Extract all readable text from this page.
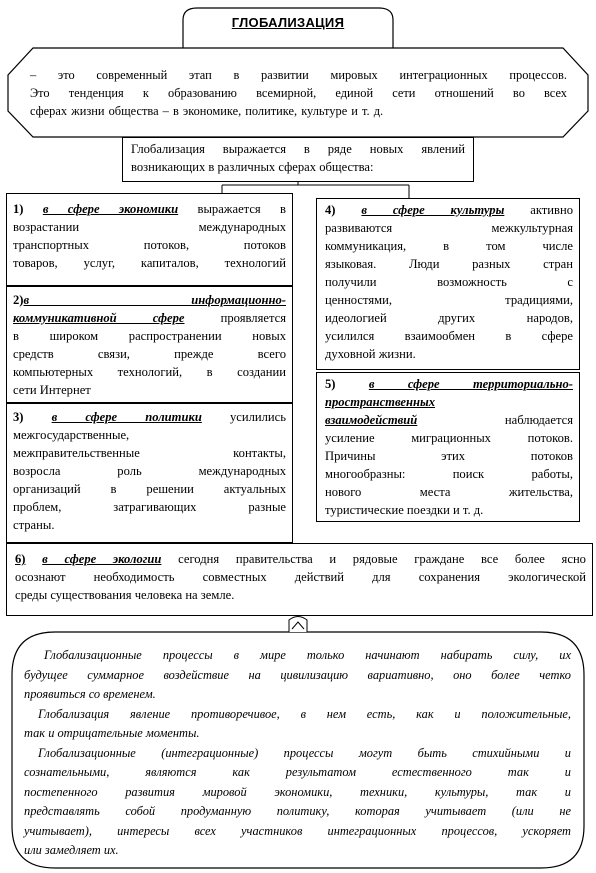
ГЛОБАЛИЗАЦИЯ
– это современный этап в развитии мировых интеграционных процессов.
Это тенденция к образованию всемирной, единой сети отношений во всех
сферах жизни общества – в экономике, политике, культуре и т. д.
Глобализация выражается в ряде новых явлений
возникающих в различных сферах общества:
1) в сфере экономики выражается в
возрастании международных
транспортных потоков, потоков
товаров, услуг, капиталов, технологий
2)в информационно-
коммуникативной сфере проявляется
в широком распространении новых
средств связи, прежде всего
компьютерных технологий, в создании
сети Интернет
3) в сфере политики усилились
межгосударственные,
межправительственные контакты,
возросла роль международных
организаций в решении актуальных
проблем, затрагивающих разные
страны.
4) в сфере культуры активно
развиваются межкультурная
коммуникация, в том числе
языковая. Люди разных стран
получили возможность с
ценностями, традициями,
идеологией других народов,
усилился взаимообмен в сфере
духовной жизни.
5)	в сфере территориально-
пространственных
взаимодействий наблюдается
усиление миграционных потоков.
Причины этих потоков
многообразны: поиск работы,
нового места жительства,
туристические поездки и т. д.
6) в сфере экологии сегодня правительства и рядовые граждане все более ясно
осознают необходимость совместных действий для сохранения экологической
среды существования человека на земле.
Глобализационные процессы в мире только начинают набирать силу, их
будущее суммарное воздействие на цивилизацию вариативно, оно более четко
проявиться со временем.
Глобализация явление противоречивое, в нем есть, как и положительные,
так и отрицательные моменты.
Глобализационные (интеграционные) процессы могут быть стихийными и
сознательными, являются как результатом естественного так и
постепенного развития мировой экономики, техники, культуры, так и
представлять собой продуманную политику, которая учитывает (или не
учитывает), интересы всех участников интеграционных процессов, ускоряет
или замедляет их.
